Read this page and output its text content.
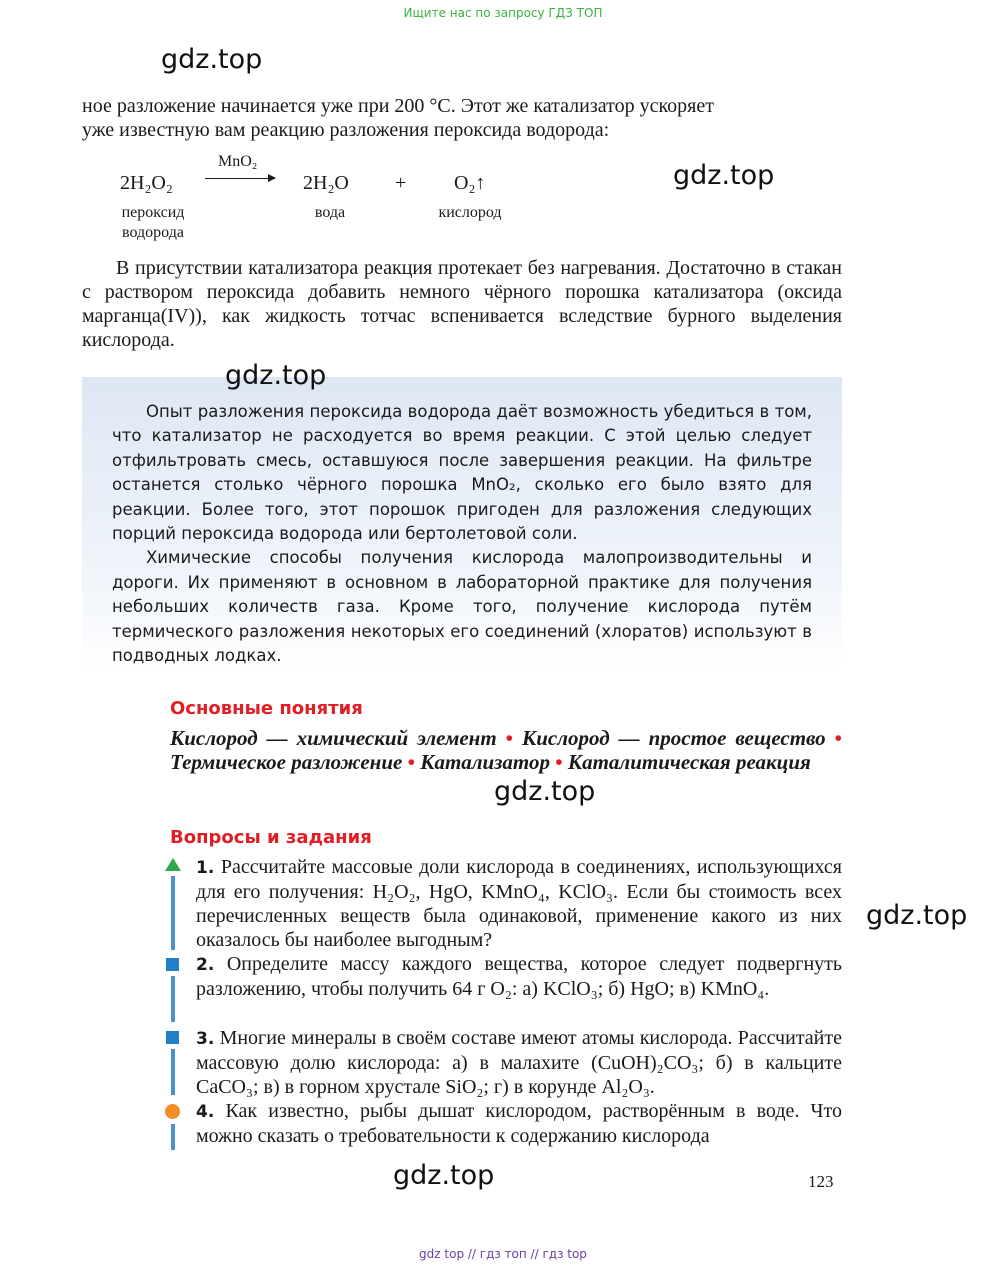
Ищите нас по запросу ГДЗ ТОП
gdz.top
ное разложение начинается уже при 200 °C. Этот же катализатор ускоряет
уже известную вам реакцию разложения пероксида водорода:
MnO₂
2H₂O₂	2H₂O + O₂↑
пероксид водорода
вода	кислород
gdz.top
В присутствии катализатора реакция протекает без нагревания. Достаточно в стакан с раствором пероксида добавить немного чёрного порошка катализатора (оксида марганца(IV)), как жидкость тотчас вспенивается вследствие бурного выделения кислорода.
gdz.top
Опыт разложения пероксида водорода даёт возможность убедиться в том, что катализатор не расходуется во время реакции. С этой целью следует отфильтровать смесь, оставшуюся после завершения реакции. На фильтре останется столько чёрного порошка MnO₂, сколько его было взято для реакции. Более того, этот порошок пригоден для разложения следующих порций пероксида водорода или бертолетовой соли.
Химические способы получения кислорода малопроизводительны и дороги. Их применяют в основном в лабораторной практике для получения небольших количеств газа. Кроме того, получение кислорода путём термического разложения некоторых его соединений (хлоратов) используют в подводных лодках.
Основные понятия
Кислород — химический элемент • Кислород — простое вещество • Термическое разложение • Катализатор • Каталитическая реакция
gdz.top
Вопросы и задания
1. Рассчитайте массовые доли кислорода в соединениях, использующихся для его получения: H₂O₂, HgO, KMnO₄, KClO₃. Если бы стоимость всех перечисленных веществ была одинаковой, применение какого из них оказалось бы наиболее выгодным?
2. Определите массу каждого вещества, которое следует подвергнуть разложению, чтобы получить 64 г O₂: а) KClO₃; б) HgO; в) KMnO₄.
3. Многие минералы в своём составе имеют атомы кислорода. Рассчитайте массовую долю кислорода: а) в малахите (CuOH)₂CO₃; б) в кальците CaCO₃; в) в горном хрустале SiO₂; г) в корунде Al₂O₃.
4. Как известно, рыбы дышат кислородом, растворённым в воде. Что можно сказать о требовательности к содержанию кислорода
gdz.top
gdz.top	123
gdz top // гдз топ // гдз top
